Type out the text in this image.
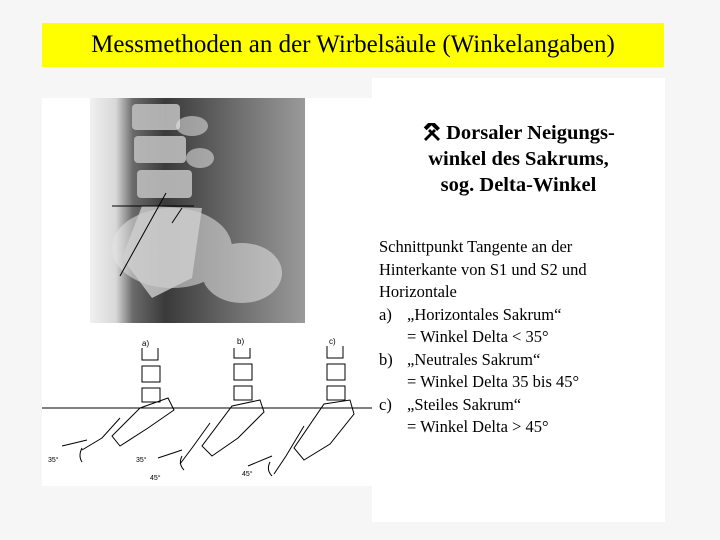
Messmethoden an der Wirbelsäule (Winkelangaben)
a)	b)	c)
35°	35°
45°
45°
Dorsaler Neigungs-
winkel des Sakrums,
sog. Delta-Winkel
Schnittpunkt Tangente an der
Hinterkante von S1 und S2 und
Horizontale
a) „Horizontales Sakrum“
= Winkel Delta < 35°
b) „Neutrales Sakrum“
= Winkel Delta 35 bis 45°
c) „Steiles Sakrum“
= Winkel Delta > 45°
